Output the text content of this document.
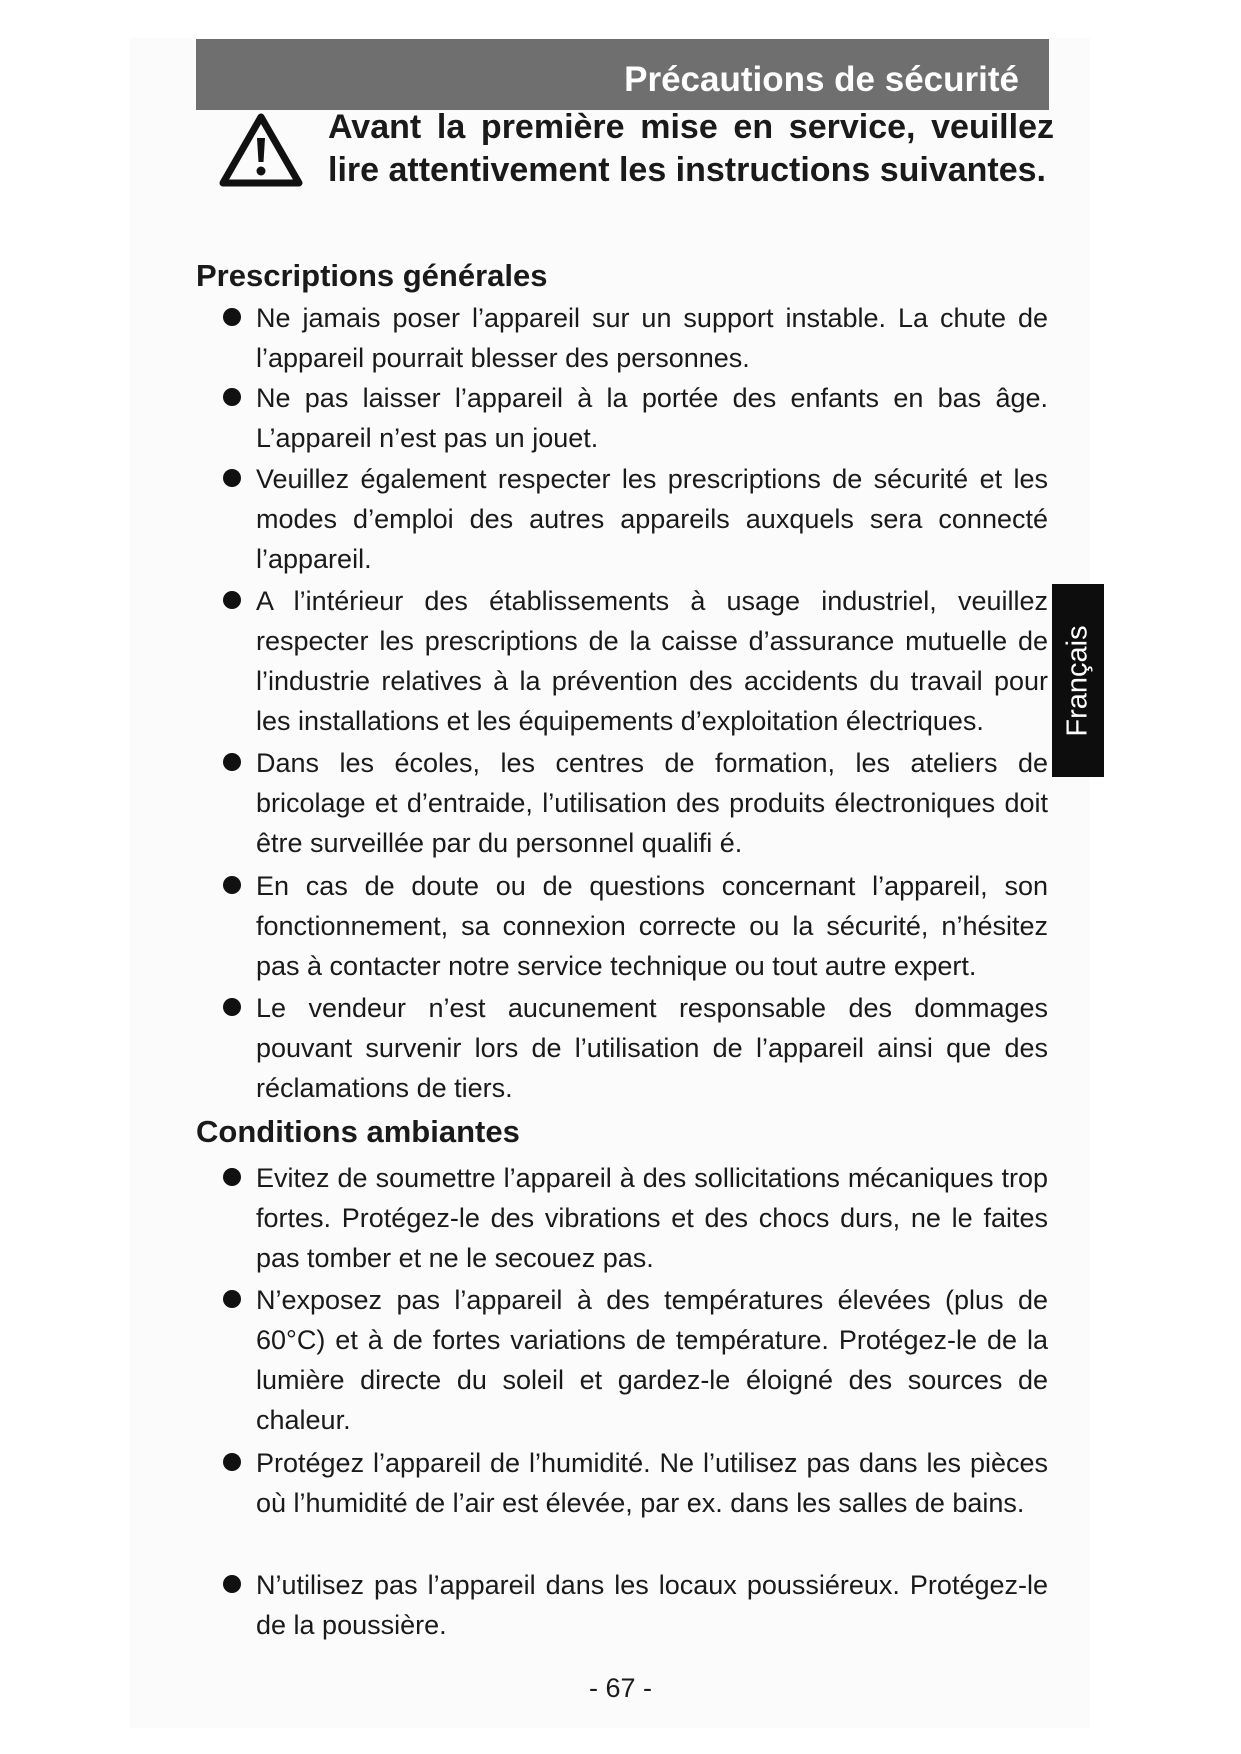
Précautions de sécurité
Avant la première mise en service, veuillez lire attentivement les instructions suivantes.
Prescriptions générales
Ne jamais poser l’appareil sur un support instable. La chute de l’appareil pourrait blesser des personnes.
Ne pas laisser l’appareil à la portée des enfants en bas âge. L’appareil n’est pas un jouet.
Veuillez également respecter les prescriptions de sécurité et les modes d’emploi des autres appareils auxquels sera connecté l’appareil.
A l’intérieur des établissements à usage industriel, veuillez respecter les prescriptions de la caisse d’assurance mutuelle de l’industrie relatives à la prévention des accidents du travail pour les installations et les équipements d’exploitation électriques.
Dans les écoles, les centres de formation, les ateliers de bricolage et d’entraide, l’utilisation des produits électroniques doit être surveillée par du personnel qualifi é.
En cas de doute ou de questions concernant l’appareil, son fonctionnement, sa connexion correcte ou la sécurité, n’hésitez pas à contacter notre service technique ou tout autre expert.
Le vendeur n’est aucunement responsable des dommages pouvant survenir lors de l’utilisation de l’appareil ainsi que des réclamations de tiers.
Conditions ambiantes
Evitez de soumettre l’appareil à des sollicitations mécaniques trop fortes. Protégez-le des vibrations et des chocs durs, ne le faites pas tomber et ne le secouez pas.
N’exposez pas l’appareil à des températures élevées (plus de 60°C) et à de fortes variations de température. Protégez-le de la lumière directe du soleil et gardez-le éloigné des sources de chaleur.
Protégez l’appareil de l’humidité. Ne l’utilisez pas dans les pièces où l’humidité de l’air est élevée, par ex. dans les salles de bains.
N’utilisez pas l’appareil dans les locaux poussiéreux. Protégez-le de la poussière.
Français
- 67 -
